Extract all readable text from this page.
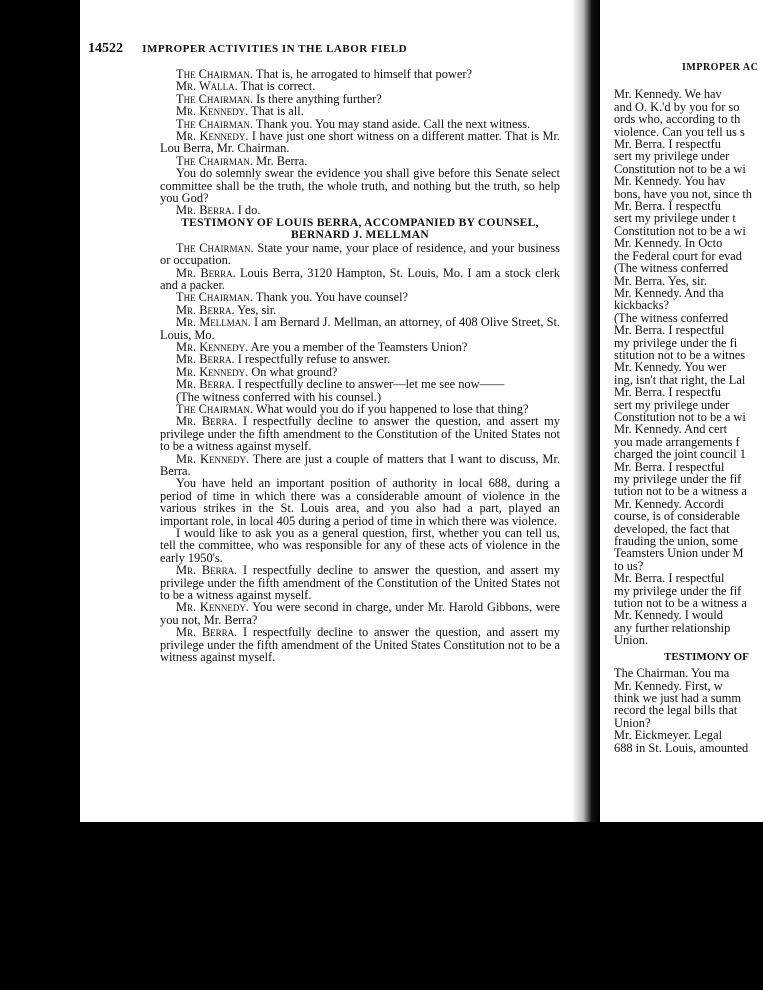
14522 IMPROPER ACTIVITIES IN THE LABOR FIELD

The Chairman. That is, he arrogated to himself that power?

Mr. Walla. That is correct.

The Chairman. Is there anything further?

Mr. Kennedy. That is all.

The Chairman. Thank you. You may stand aside. Call the next witness.

Mr. Kennedy. I have just one short witness on a different matter. That is Mr. Lou Berra, Mr. Chairman.

The Chairman. Mr. Berra.

You do solemnly swear the evidence you shall give before this Senate select committee shall be the truth, the whole truth, and nothing but the truth, so help you God?

Mr. Berra. I do.

TESTIMONY OF LOUIS BERRA, ACCOMPANIED BY COUNSEL, BERNARD J. MELLMAN

The Chairman. State your name, your place of residence, and your business or occupation.

Mr. Berra. Louis Berra, 3120 Hampton, St. Louis, Mo. I am a stock clerk and a packer.

The Chairman. Thank you. You have counsel?

Mr. Berra. Yes, sir.

Mr. Mellman. I am Bernard J. Mellman, an attorney, of 408 Olive Street, St. Louis, Mo.

Mr. Kennedy. Are you a member of the Teamsters Union?

Mr. Berra. I respectfully refuse to answer.

Mr. Kennedy. On what ground?

Mr. Berra. I respectfully decline to answer—let me see now——

(The witness conferred with his counsel.)

The Chairman. What would you do if you happened to lose that thing?

Mr. Berra. I respectfully decline to answer the question, and assert my privilege under the fifth amendment to the Constitution of the United States not to be a witness against myself.

Mr. Kennedy. There are just a couple of matters that I want to discuss, Mr. Berra.

You have held an important position of authority in local 688, during a period of time in which there was a considerable amount of violence in the various strikes in the St. Louis area, and you also had a part, played an important role, in local 405 during a period of time in which there was violence.

I would like to ask you as a general question, first, whether you can tell us, tell the committee, who was responsible for any of these acts of violence in the early 1950's.

Mr. Berra. I respectfully decline to answer the question, and assert my privilege under the fifth amendment of the Constitution of the United States not to be a witness against myself.

Mr. Kennedy. You were second in charge, under Mr. Harold Gibbons, were you not, Mr. Berra?

Mr. Berra. I respectfully decline to answer the question, and assert my privilege under the fifth amendment of the United States Constitution not to be a witness against myself.

IMPROPER AC

Mr. Kennedy. We hav

and O. K.'d by you for so

ords who, according to th

violence. Can you tell us s

Mr. Berra. I respectfu

sert my privilege under

Constitution not to be a wi

Mr. Kennedy. You hav

bons, have you not, since th

Mr. Berra. I respectfu

sert my privilege under t

Constitution not to be a wi

Mr. Kennedy. In Octo

the Federal court for evad

(The witness conferred

Mr. Berra. Yes, sir.

Mr. Kennedy. And tha

kickbacks?

(The witness conferred

Mr. Berra. I respectful

my privilege under the fi

stitution not to be a witnes

Mr. Kennedy. You wer

ing, isn't that right, the Lal

Mr. Berra. I respectfu

sert my privilege under

Constitution not to be a wi

Mr. Kennedy. And cert

you made arrangements f

charged the joint council 1

Mr. Berra. I respectful

my privilege under the fif

tution not to be a witness a

Mr. Kennedy. Accordi

course, is of considerable

developed, the fact that

frauding the union, some

Teamsters Union under M

to us?

Mr. Berra. I respectful

my privilege under the fif

tution not to be a witness a

Mr. Kennedy. I would

any further relationship

Union.

TESTIMONY OF

The Chairman. You ma

Mr. Kennedy. First, w

think we just had a summ

record the legal bills that

Union?

Mr. Eickmeyer. Legal

688 in St. Louis, amounted
